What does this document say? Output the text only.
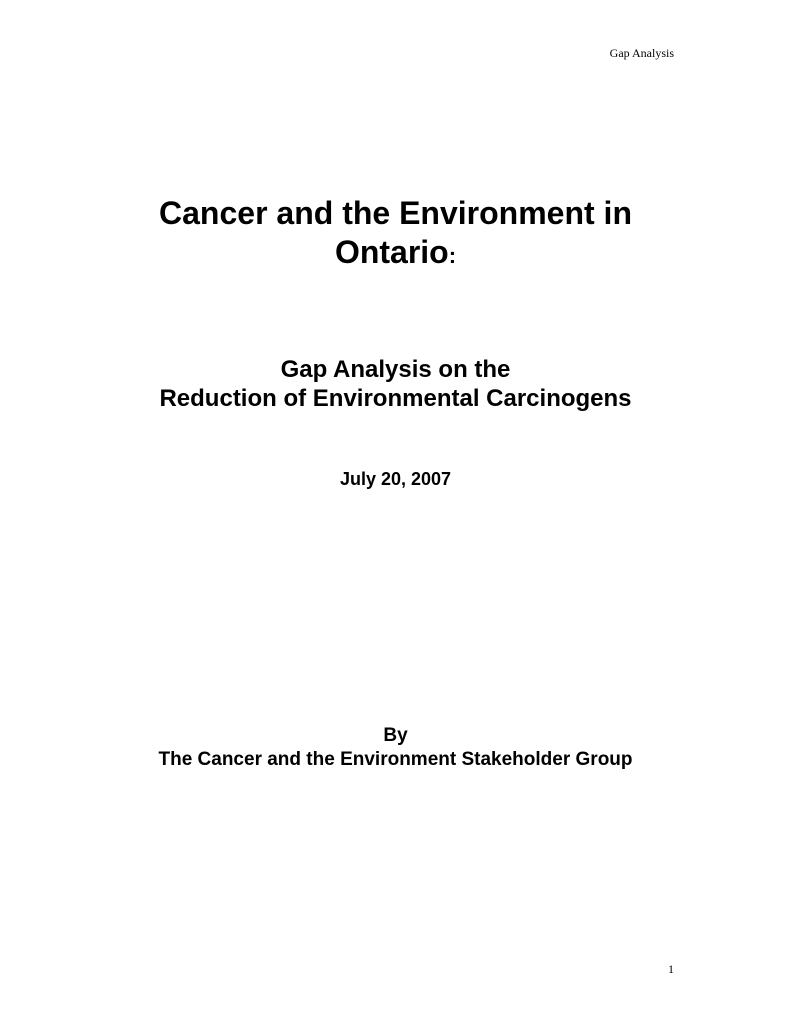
Gap Analysis
Cancer and the Environment in
Ontario:
Gap Analysis on the
Reduction of Environmental Carcinogens
July 20, 2007
By
The Cancer and the Environment Stakeholder Group
1
